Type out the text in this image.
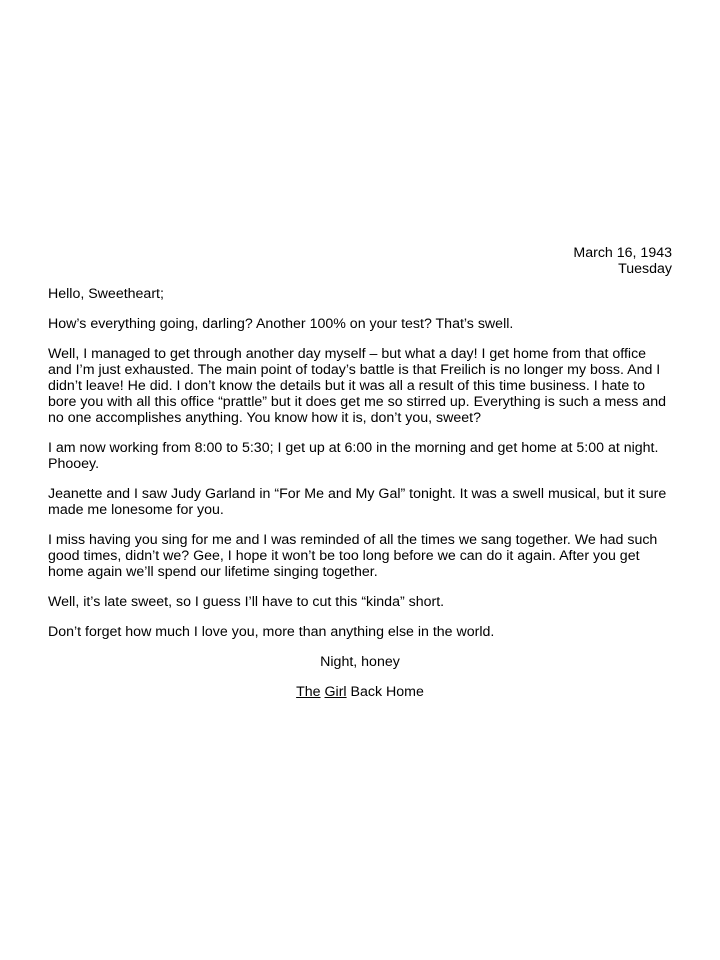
March 16, 1943
Tuesday
Hello, Sweetheart;
How’s everything going, darling? Another 100% on your test? That’s swell.
Well, I managed to get through another day myself – but what a day! I get home from that office and I’m just exhausted. The main point of today’s battle is that Freilich is no longer my boss. And I didn’t leave! He did. I don’t know the details but it was all a result of this time business. I hate to bore you with all this office “prattle” but it does get me so stirred up. Everything is such a mess and no one accomplishes anything. You know how it is, don’t you, sweet?
I am now working from 8:00 to 5:30; I get up at 6:00 in the morning and get home at 5:00 at night. Phooey.
Jeanette and I saw Judy Garland in “For Me and My Gal” tonight. It was a swell musical, but it sure made me lonesome for you.
I miss having you sing for me and I was reminded of all the times we sang together. We had such good times, didn’t we? Gee, I hope it won’t be too long before we can do it again. After you get home again we’ll spend our lifetime singing together.
Well, it’s late sweet, so I guess I’ll have to cut this “kinda” short.
Don’t forget how much I love you, more than anything else in the world.
Night, honey
The Girl Back Home
